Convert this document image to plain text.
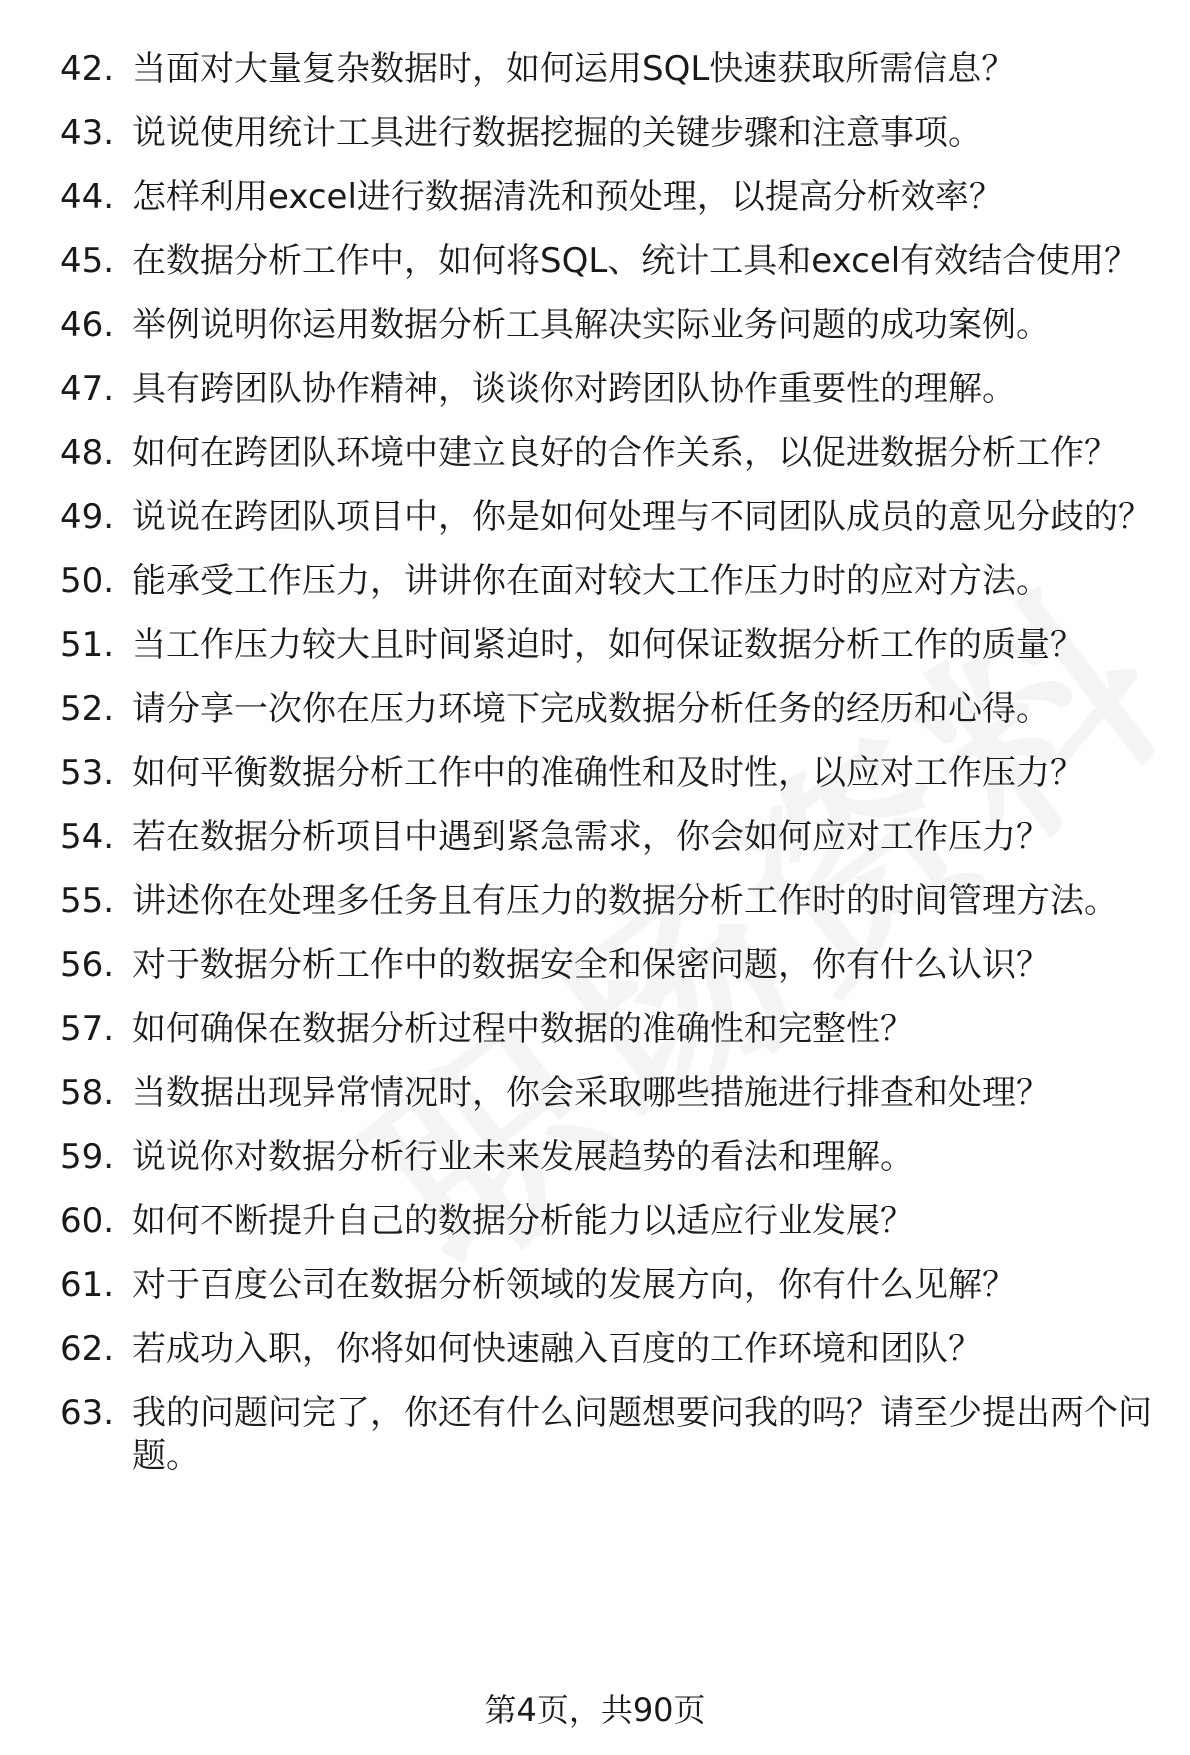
42. 当面对大量复杂数据时，如何运用SQL快速获取所需信息？
43. 说说使用统计工具进行数据挖掘的关键步骤和注意事项。
44. 怎样利用excel进行数据清洗和预处理，以提高分析效率？
45. 在数据分析工作中，如何将SQL、统计工具和excel有效结合使用？
46. 举例说明你运用数据分析工具解决实际业务问题的成功案例。
47. 具有跨团队协作精神，谈谈你对跨团队协作重要性的理解。
48. 如何在跨团队环境中建立良好的合作关系，以促进数据分析工作？
49. 说说在跨团队项目中，你是如何处理与不同团队成员的意见分歧的？
50. 能承受工作压力，讲讲你在面对较大工作压力时的应对方法。
51. 当工作压力较大且时间紧迫时，如何保证数据分析工作的质量？
52. 请分享一次你在压力环境下完成数据分析任务的经历和心得。
53. 如何平衡数据分析工作中的准确性和及时性，以应对工作压力？
54. 若在数据分析项目中遇到紧急需求，你会如何应对工作压力？
55. 讲述你在处理多任务且有压力的数据分析工作时的时间管理方法。
56. 对于数据分析工作中的数据安全和保密问题，你有什么认识？
57. 如何确保在数据分析过程中数据的准确性和完整性？
58. 当数据出现异常情况时，你会采取哪些措施进行排查和处理？
59. 说说你对数据分析行业未来发展趋势的看法和理解。
60. 如何不断提升自己的数据分析能力以适应行业发展？
61. 对于百度公司在数据分析领域的发展方向，你有什么见解？
62. 若成功入职，你将如何快速融入百度的工作环境和团队？
63. 我的问题问完了，你还有什么问题想要问我的吗？请至少提出两个问题。
第4页，共90页
